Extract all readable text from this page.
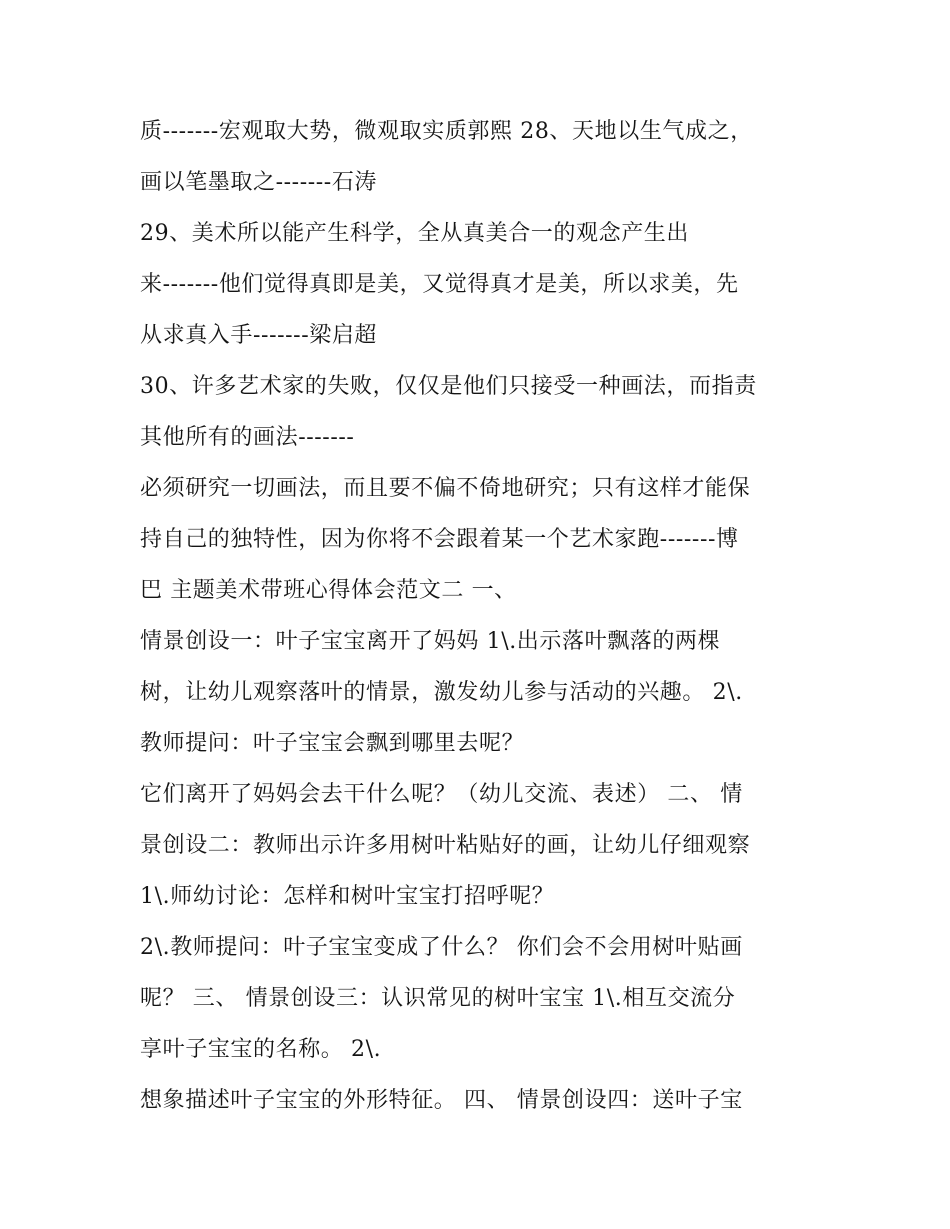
质-------宏观取大势，微观取实质郭熙 28、天地以生气成之，
画以笔墨取之-------石涛
29、美术所以能产生科学，全从真美合一的观念产生出
来-------他们觉得真即是美，又觉得真才是美，所以求美，先
从求真入手-------梁启超
30、许多艺术家的失败，仅仅是他们只接受一种画法，而指责
其他所有的画法-------
必须研究一切画法，而且要不偏不倚地研究；只有这样才能保
持自己的独特性，因为你将不会跟着某一个艺术家跑-------博
巴 主题美术带班心得体会范文二 一、
情景创设一：叶子宝宝离开了妈妈 1\.出示落叶飘落的两棵
树，让幼儿观察落叶的情景，激发幼儿参与活动的兴趣。 2\.
教师提问：叶子宝宝会飘到哪里去呢？
它们离开了妈妈会去干什么呢？（幼儿交流、表述） 二、 情
景创设二：教师出示许多用树叶粘贴好的画，让幼儿仔细观察
1\.师幼讨论：怎样和树叶宝宝打招呼呢？
2\.教师提问：叶子宝宝变成了什么？ 你们会不会用树叶贴画
呢？ 三、 情景创设三：认识常见的树叶宝宝 1\.相互交流分
享叶子宝宝的名称。 2\.
想象描述叶子宝宝的外形特征。 四、 情景创设四：送叶子宝
